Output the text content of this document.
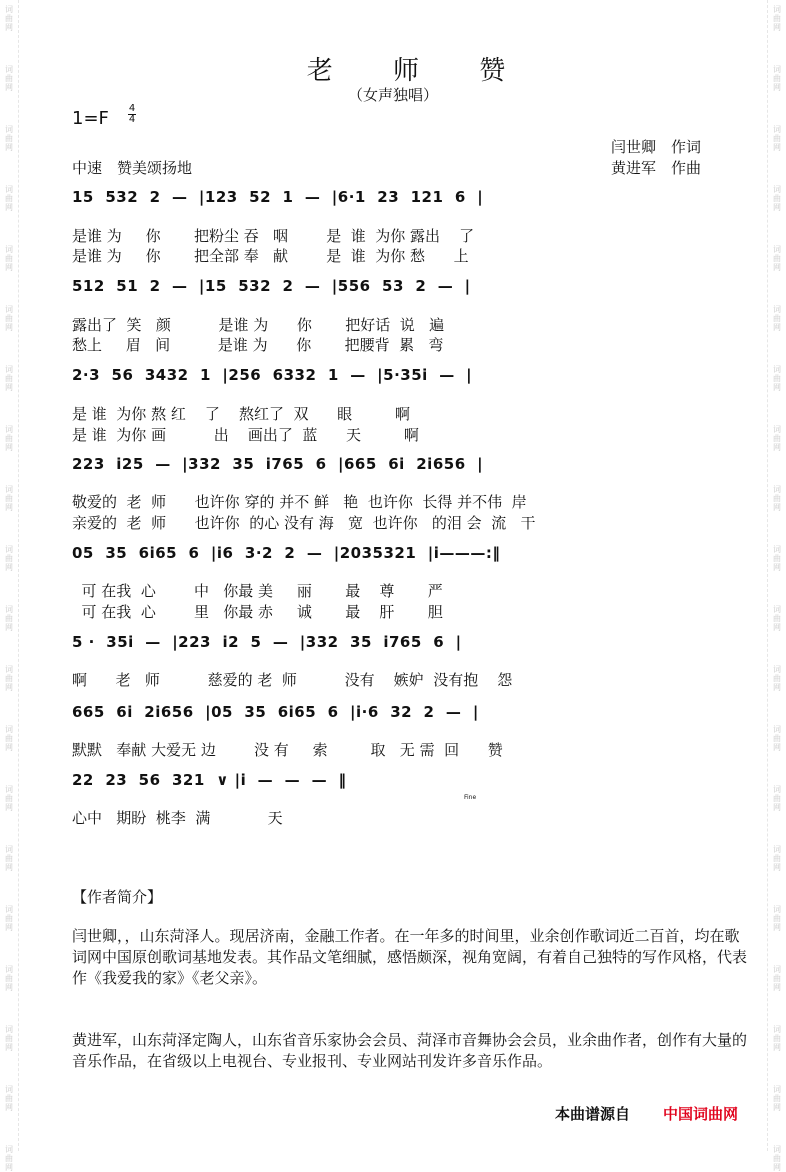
词
曲
网
词
曲
网
词
曲
网
词
曲
网
词
曲
网
词
曲
网
词
曲
网
词
曲
网
词
曲
网
词
曲
网
词
曲
网
词
曲
网
词
曲
网
词
曲
网
词
曲
网
词
曲
网
词
曲
网
词
曲
网
词
曲
网
词
曲
网
词
曲
网
词
曲
网
词
曲
网
词
曲
网
词
曲
网
词
曲
网
词
曲
网
词
曲
网
词
曲
网
词
曲
网
词
曲
网
词
曲
网
词
曲
网
词
曲
网
词
曲
网
词
曲
网
词
曲
网
词
曲
网
词
曲
网
词
曲
网
老 师 赞
（女声独唱）
1=F 4
4
闫世卿　作词
黄进军　作曲
中速　赞美颂扬地
15  532  2  —  |123  52  1  —  |6·1  23  121  6  |
是谁 为     你       把粉尘 吞   咽        是  谁  为你 露出    了
是谁 为     你       把全部 奉   献        是  谁  为你 愁      上
512  51  2  —  |15  532  2  —  |556  53  2  —  |
露出了  笑   颜          是谁 为      你       把好话  说   遍
愁上     眉   间          是谁 为      你       把腰背  累   弯
2·3  56  3432  1  |256  6332  1  —  |5·35i  —  |
是 谁  为你 熬 红    了    熬红了  双      眼         啊
是 谁  为你 画          出    画出了  蓝      天         啊
223  i25  —  |332  35  i765  6  |665  6i  2i656  |
敬爱的  老  师      也许你 穿的 并不 鲜   艳  也许你  长得 并不伟  岸
亲爱的  老  师      也许你  的心 没有 海   宽  也许你   的泪 会  流   干
05  35  6i65  6  |i6  3·2  2  —  |2035321  |i———:‖
可 在我  心        中   你最 美     丽       最    尊       严
可 在我  心        里   你最 赤     诚       最    肝       胆
5 ·  35i  —  |223  i2  5  —  |332  35  i765  6  |
啊      老   师          慈爱的 老  师          没有    嫉妒  没有抱    怨
665  6i  2i656  |05  35  6i65  6  |i·6  32  2  —  |
默默   奉献 大爱无 边        没 有     索         取   无 需  回      赞
22  23  56  321  ∨ |i  —  —  —  ‖
Fine
心中   期盼  桃李  满            天
【作者简介】
闫世卿，，山东菏泽人。现居济南，金融工作者。在一年多的时间里，业余创作歌词近二百首，均在歌词网中国原创歌词基地发表。其作品文笔细腻，感悟颇深，视角宽阔，有着自己独特的写作风格，代表作《我爱我的家》《老父亲》。
黄进军，山东菏泽定陶人，山东省音乐家协会会员、菏泽市音舞协会会员，业余曲作者，创作有大量的音乐作品，在省级以上电视台、专业报刊、专业网站刊发许多音乐作品。
本曲谱源自 中国词曲网
